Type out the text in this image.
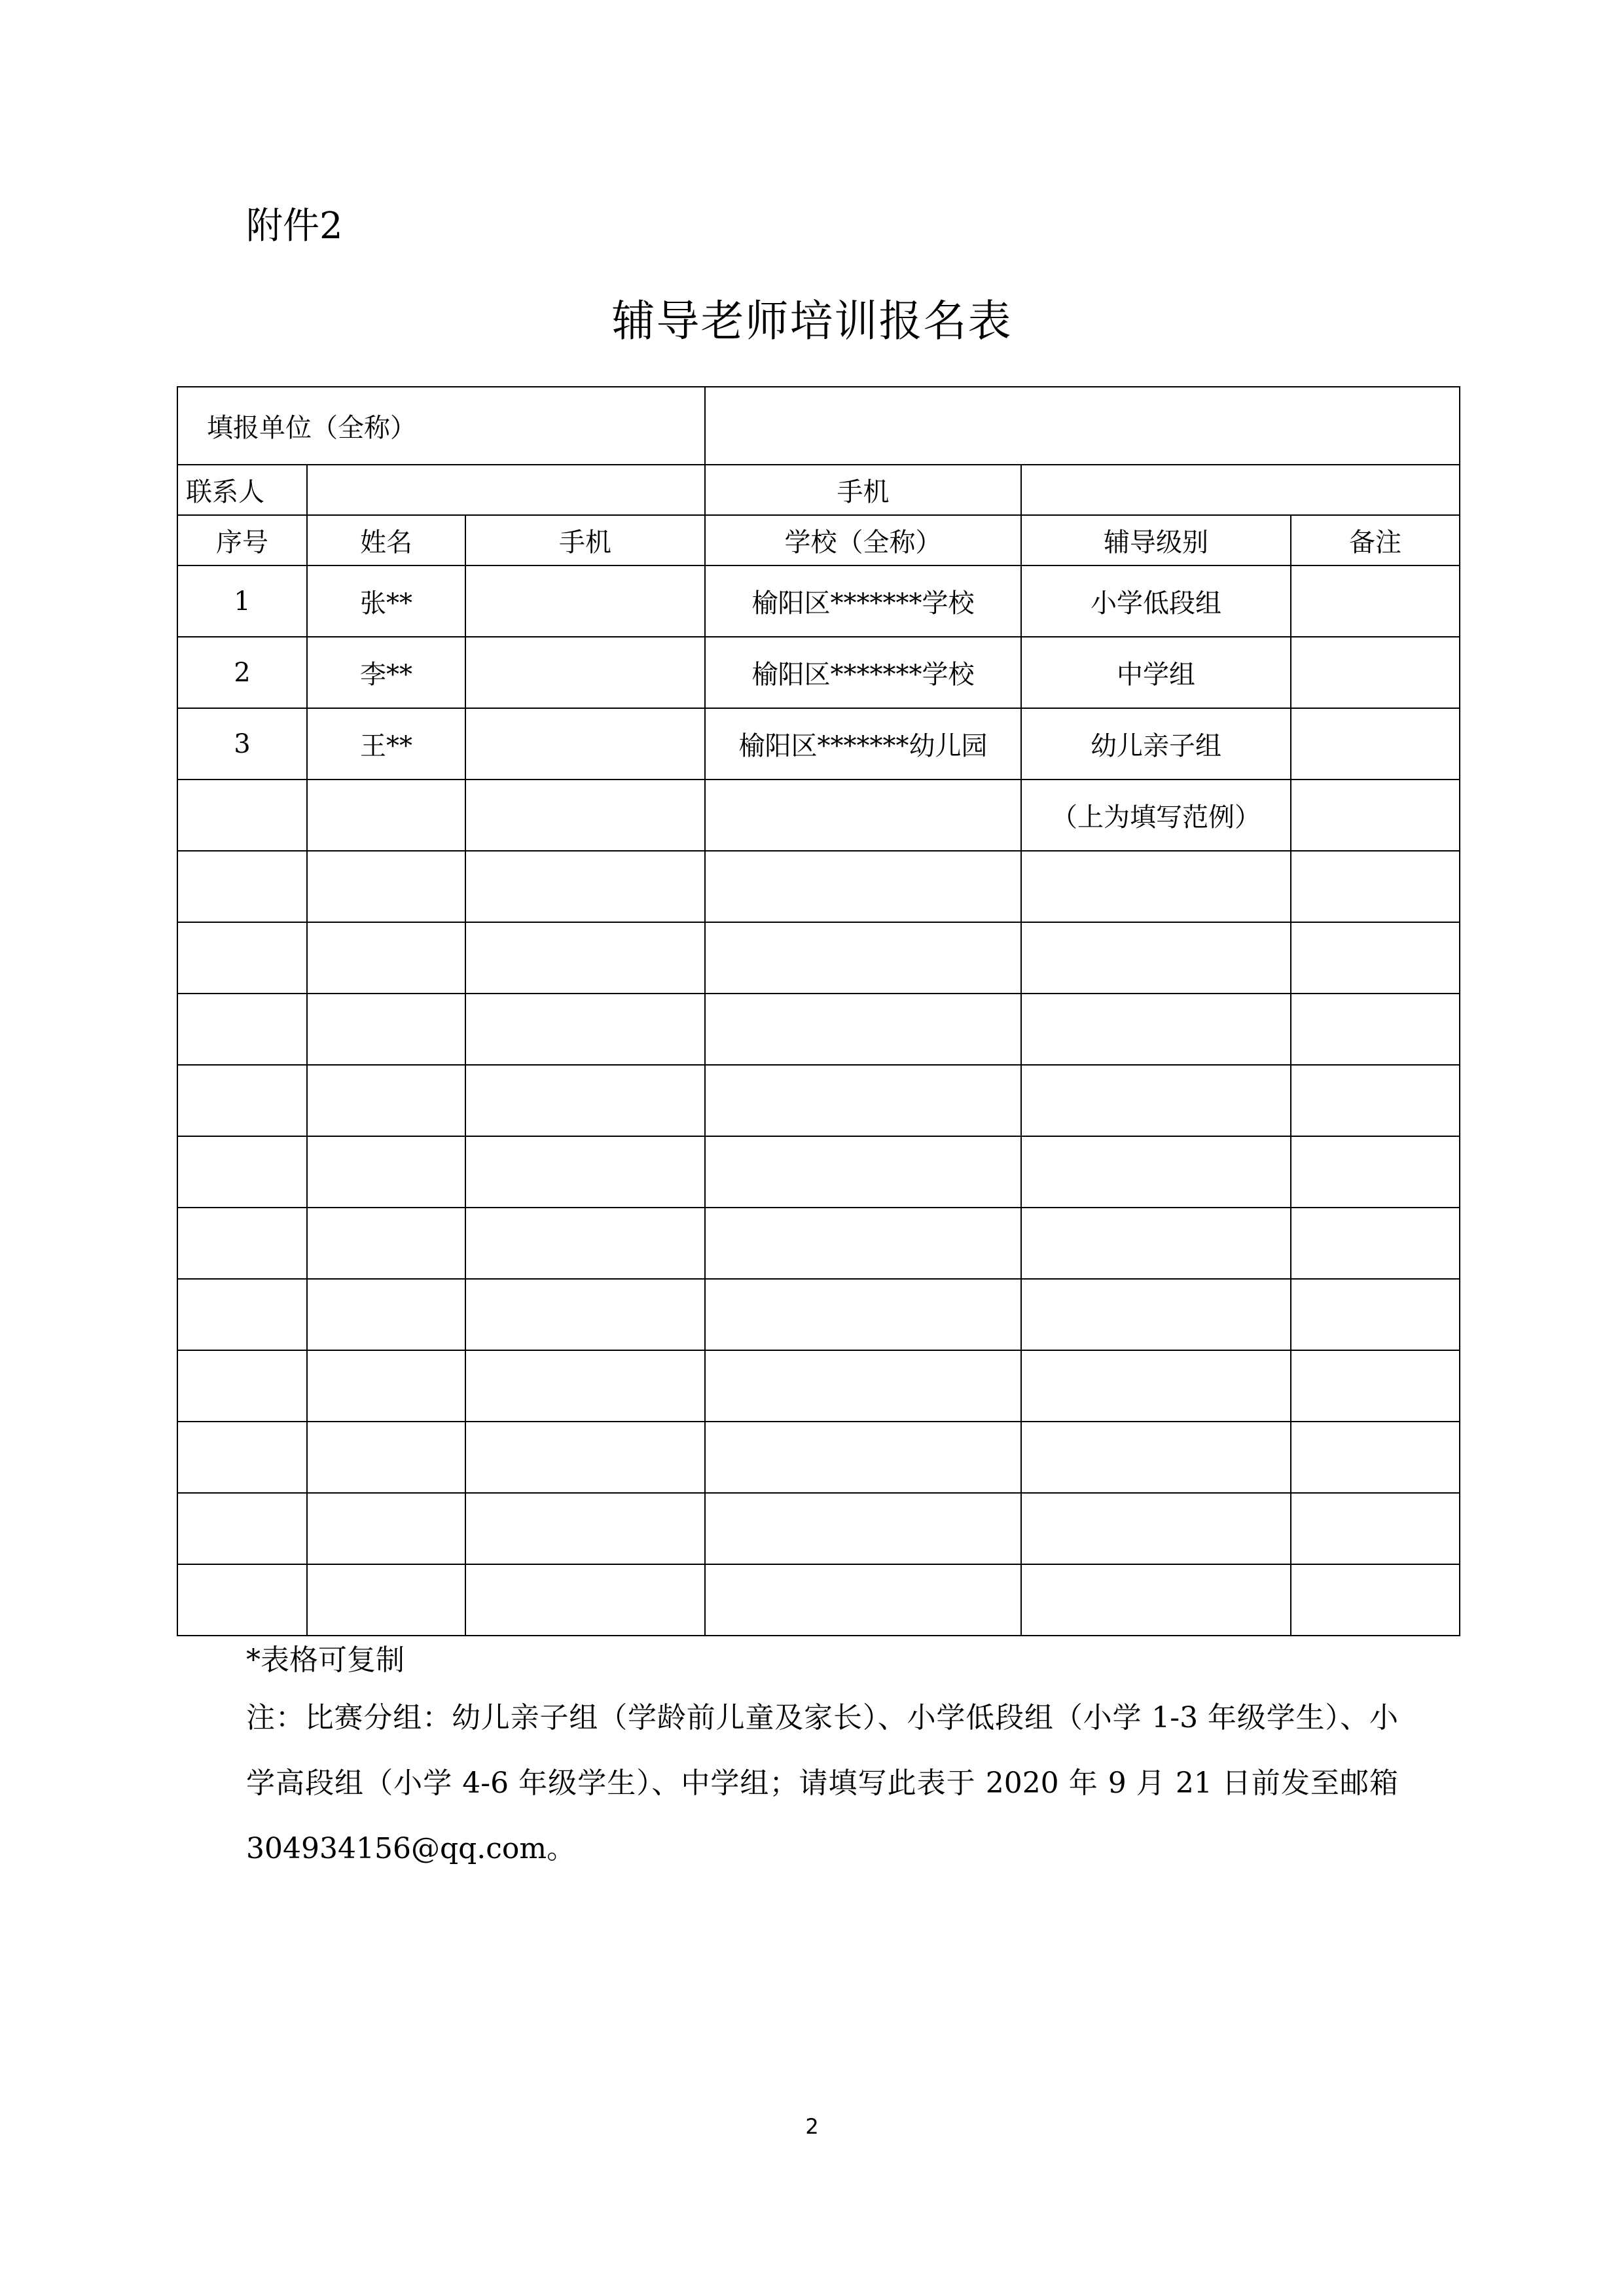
附件2
辅导老师培训报名表
填报单位（全称）					
联系人			手机		
序号	姓名	手机	学校（全称）	辅导级别	备注
1	张**		榆阳区*******学校	小学低段组	
2	李**		榆阳区*******学校	中学组	
3	王**		榆阳区*******幼儿园	幼儿亲子组	
				（上为填写范例）	

*表格可复制
注：比赛分组：幼儿亲子组（学龄前儿童及家长）、小学低段组（小学 1-3 年级学生）、小学高段组（小学 4-6 年级学生）、中学组；请填写此表于 2020 年 9 月 21 日前发至邮箱 304934156@qq.com。
2
